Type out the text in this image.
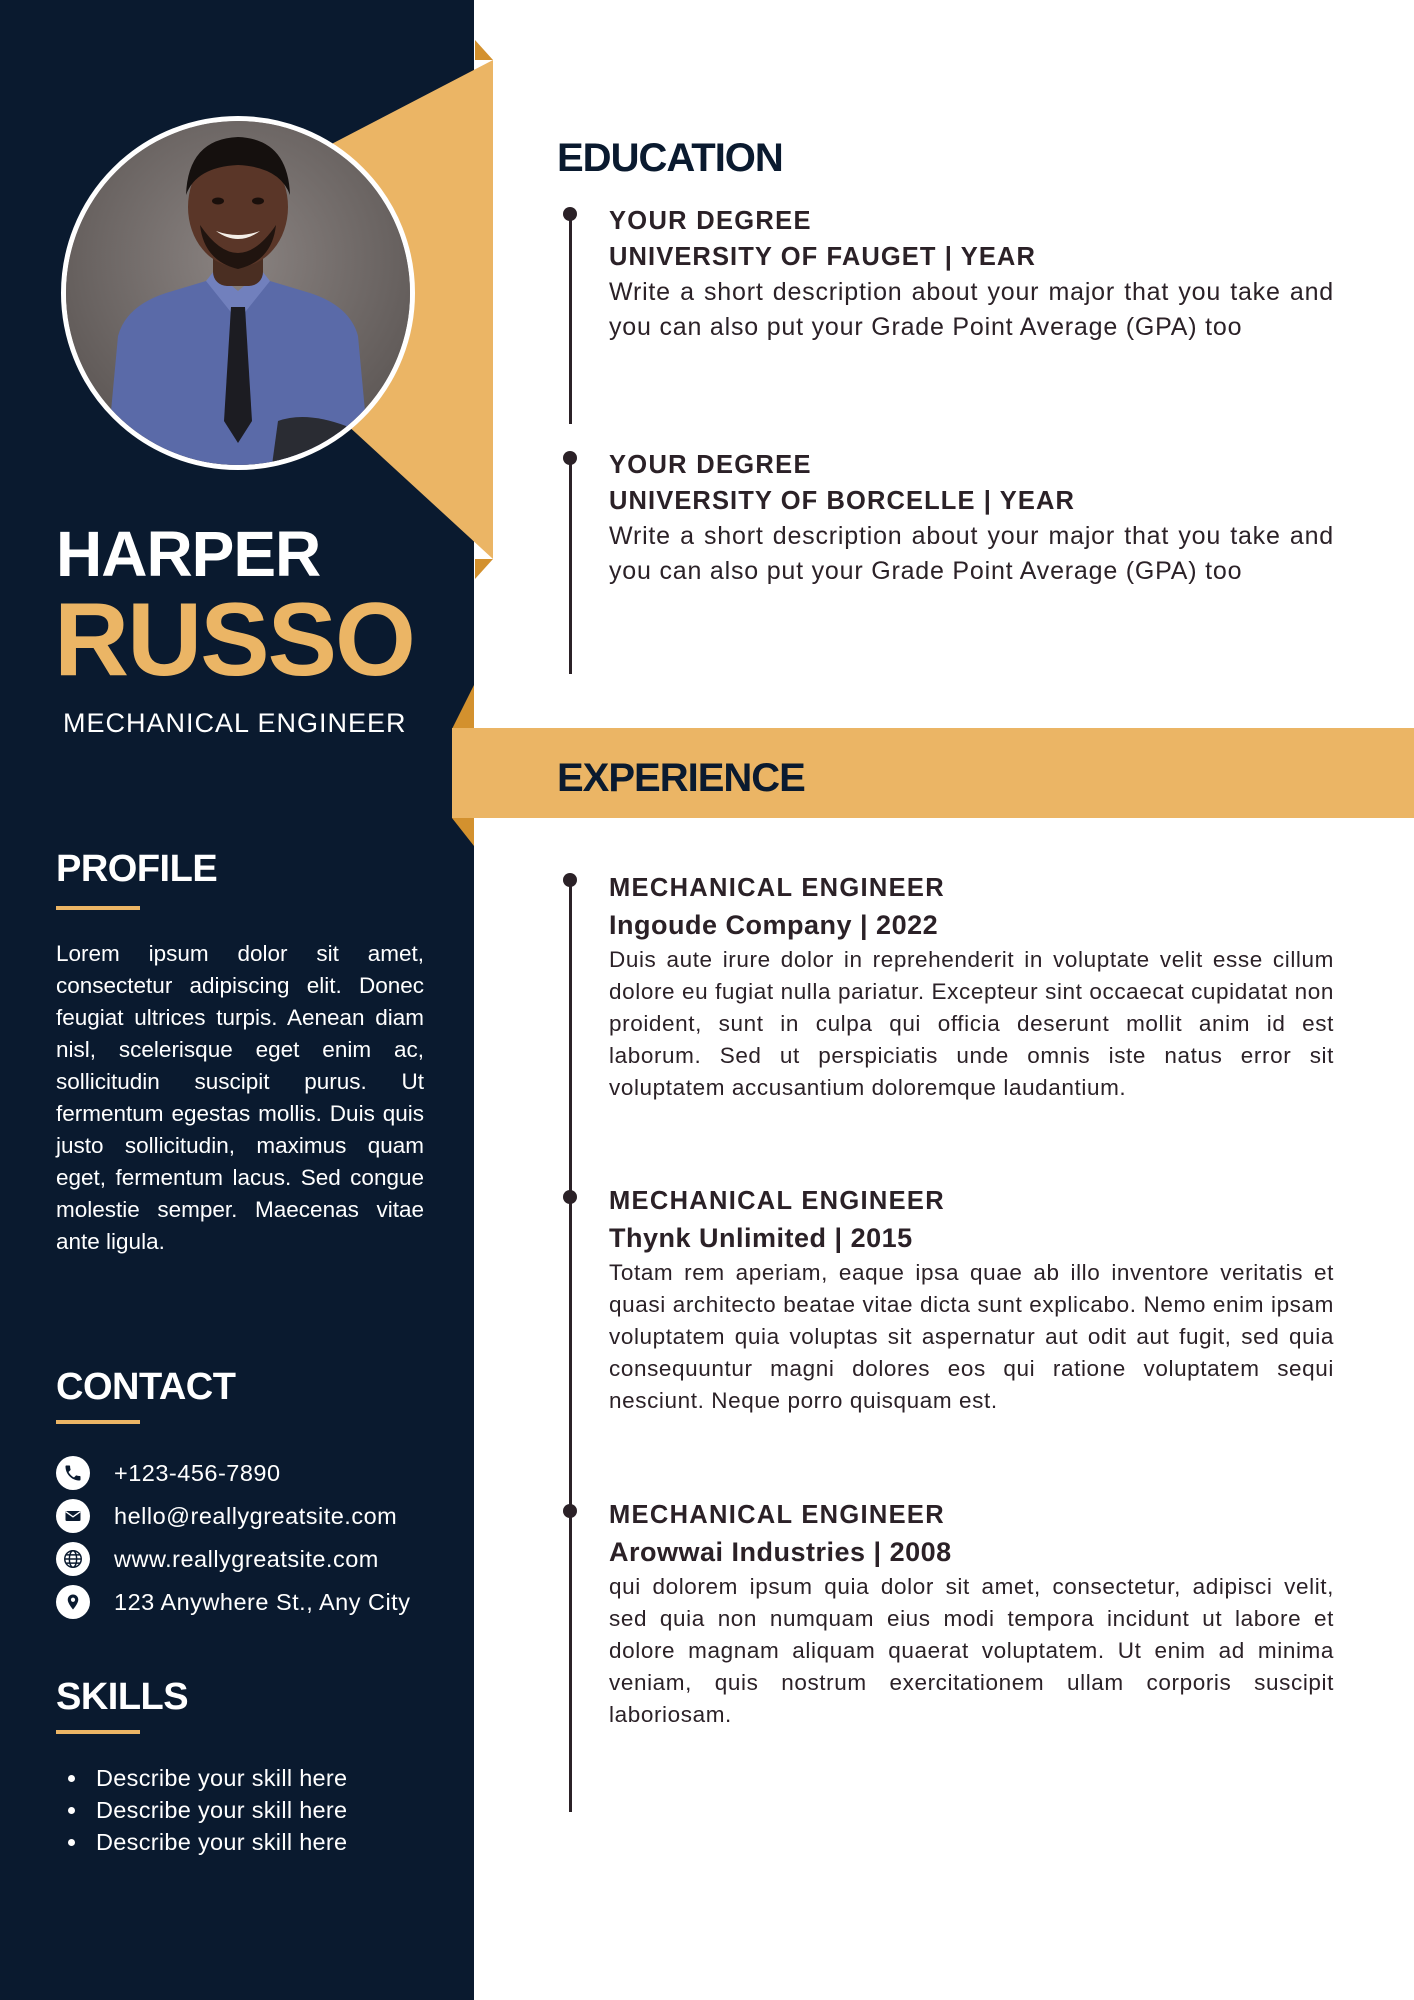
HARPER
RUSSO
MECHANICAL ENGINEER
PROFILE
Lorem ipsum dolor sit amet, consectetur adipiscing elit. Donec feugiat ultrices turpis. Aenean diam nisl, scelerisque eget enim ac, sollicitudin suscipit purus. Ut fermentum egestas mollis. Duis quis justo sollicitudin, maximus quam eget, fermentum lacus. Sed congue molestie semper. Maecenas vitae ante ligula.
CONTACT
+123-456-7890
hello@reallygreatsite.com
www.reallygreatsite.com
123 Anywhere St., Any City
SKILLS
Describe your skill here
Describe your skill here
Describe your skill here
EDUCATION
YOUR DEGREE
UNIVERSITY OF FAUGET | YEAR
Write a short description about your major that you take and you can also put your Grade Point Average (GPA) too
YOUR DEGREE
UNIVERSITY OF BORCELLE | YEAR
Write a short description about your major that you take and you can also put your Grade Point Average (GPA) too
EXPERIENCE
MECHANICAL ENGINEER
Ingoude Company | 2022
Duis aute irure dolor in reprehenderit in voluptate velit esse cillum dolore eu fugiat nulla pariatur. Excepteur sint occaecat cupidatat non proident, sunt in culpa qui officia deserunt mollit anim id est laborum. Sed ut perspiciatis unde omnis iste natus error sit voluptatem accusantium doloremque laudantium.
MECHANICAL ENGINEER
Thynk Unlimited | 2015
Totam rem aperiam, eaque ipsa quae ab illo inventore veritatis et quasi architecto beatae vitae dicta sunt explicabo. Nemo enim ipsam voluptatem quia voluptas sit aspernatur aut odit aut fugit, sed quia consequuntur magni dolores eos qui ratione voluptatem sequi nesciunt. Neque porro quisquam est.
MECHANICAL ENGINEER
Arowwai Industries | 2008
qui dolorem ipsum quia dolor sit amet, consectetur, adipisci velit, sed quia non numquam eius modi tempora incidunt ut labore et dolore magnam aliquam quaerat voluptatem. Ut enim ad minima veniam, quis nostrum exercitationem ullam corporis suscipit laboriosam.
